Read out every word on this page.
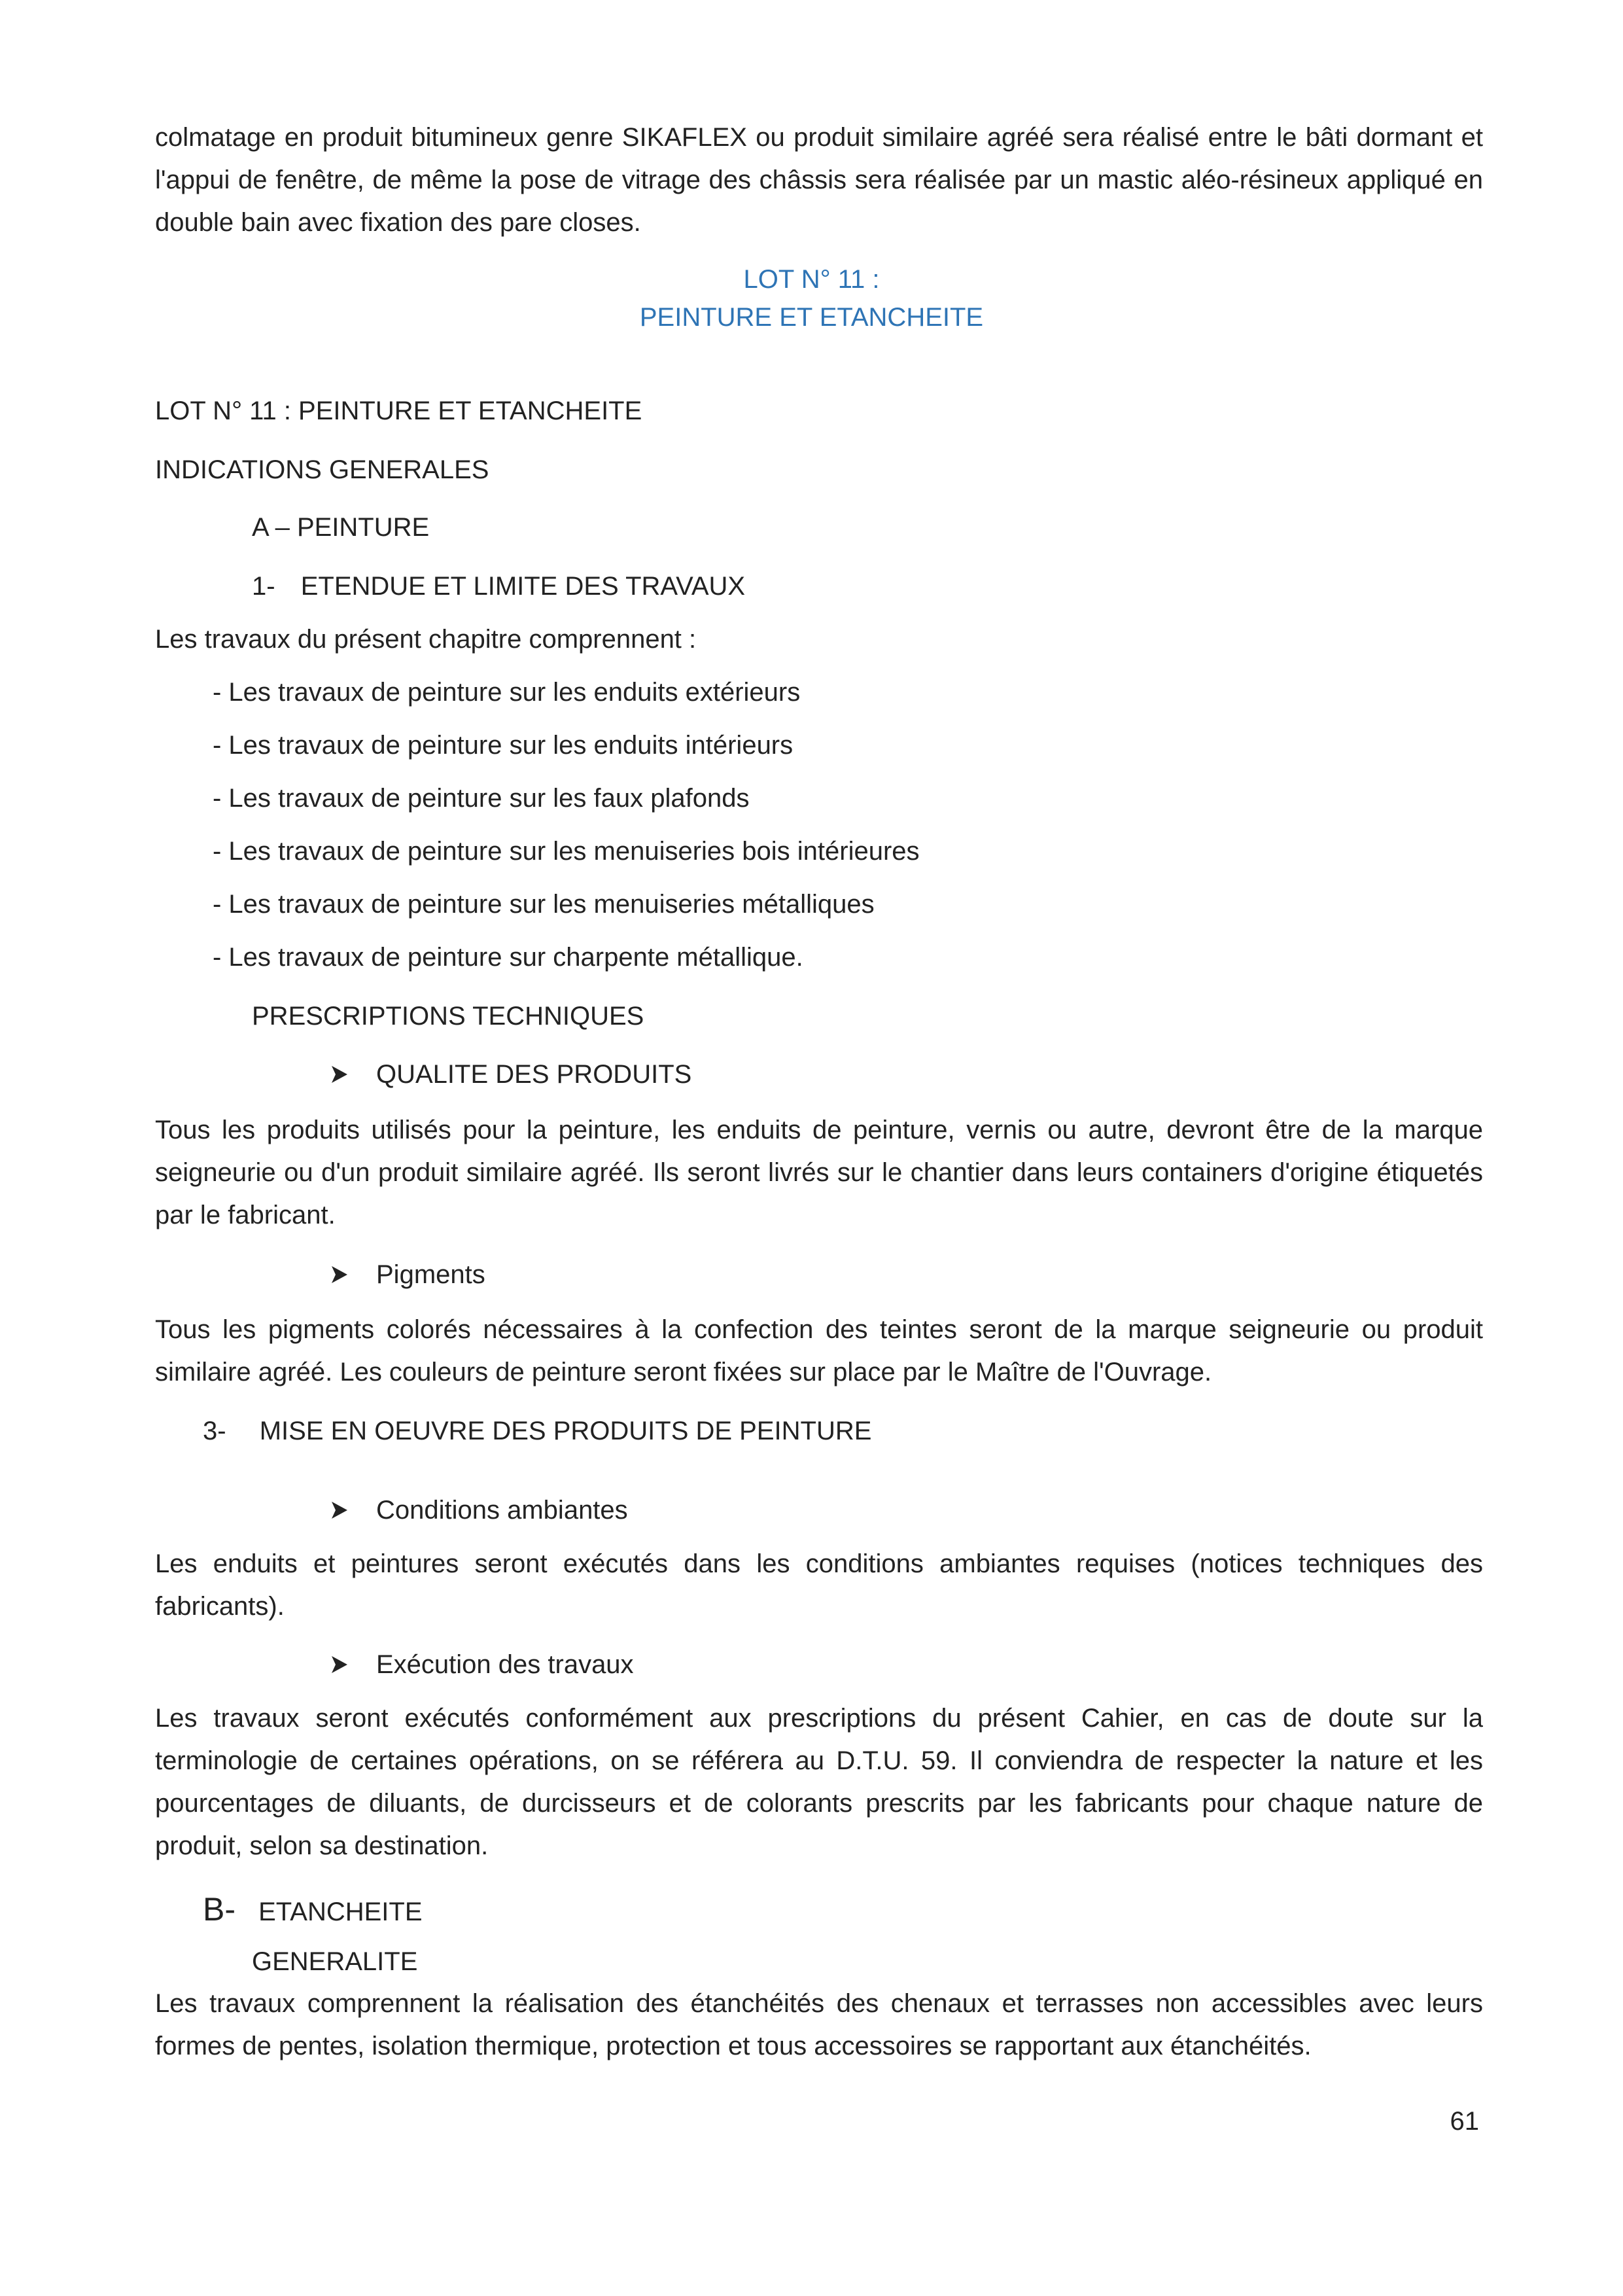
colmatage en produit bitumineux genre SIKAFLEX ou produit similaire agréé sera réalisé entre le bâti dormant et l'appui de fenêtre, de même la pose de vitrage des châssis sera réalisée par un mastic aléo-résineux appliqué en double bain avec fixation des pare closes.
LOT N° 11 :
PEINTURE ET ETANCHEITE
LOT N° 11 : PEINTURE ET ETANCHEITE
INDICATIONS GENERALES
A – PEINTURE
1- ETENDUE ET LIMITE DES TRAVAUX
Les travaux du présent chapitre comprennent :
- Les travaux de peinture sur les enduits extérieurs
- Les travaux de peinture sur les enduits intérieurs
- Les travaux de peinture sur les faux plafonds
- Les travaux de peinture sur les menuiseries bois intérieures
- Les travaux de peinture sur les menuiseries métalliques
- Les travaux de peinture sur charpente métallique.
PRESCRIPTIONS TECHNIQUES
QUALITE DES PRODUITS
Tous les produits utilisés pour la peinture, les enduits de peinture, vernis ou autre, devront être de la marque seigneurie ou d'un produit similaire agréé. Ils seront livrés sur le chantier dans leurs containers d'origine étiquetés par le fabricant.
Pigments
Tous les pigments colorés nécessaires à la confection des teintes seront de la marque seigneurie ou produit similaire agréé. Les couleurs de peinture seront fixées sur place par le Maître de l'Ouvrage.
3- MISE EN OEUVRE DES PRODUITS DE PEINTURE
Conditions ambiantes
Les enduits et peintures seront exécutés dans les conditions ambiantes requises (notices techniques des fabricants).
Exécution des travaux
Les travaux seront exécutés conformément aux prescriptions du présent Cahier, en cas de doute sur la terminologie de certaines opérations, on se référera au D.T.U. 59. Il conviendra de respecter la nature et les pourcentages de diluants, de durcisseurs et de colorants prescrits par les fabricants pour chaque nature de produit, selon sa destination.
B- ETANCHEITE
GENERALITE
Les travaux comprennent la réalisation des étanchéités des chenaux et terrasses non accessibles avec leurs formes de pentes, isolation thermique, protection et tous accessoires se rapportant aux étanchéités.
61
